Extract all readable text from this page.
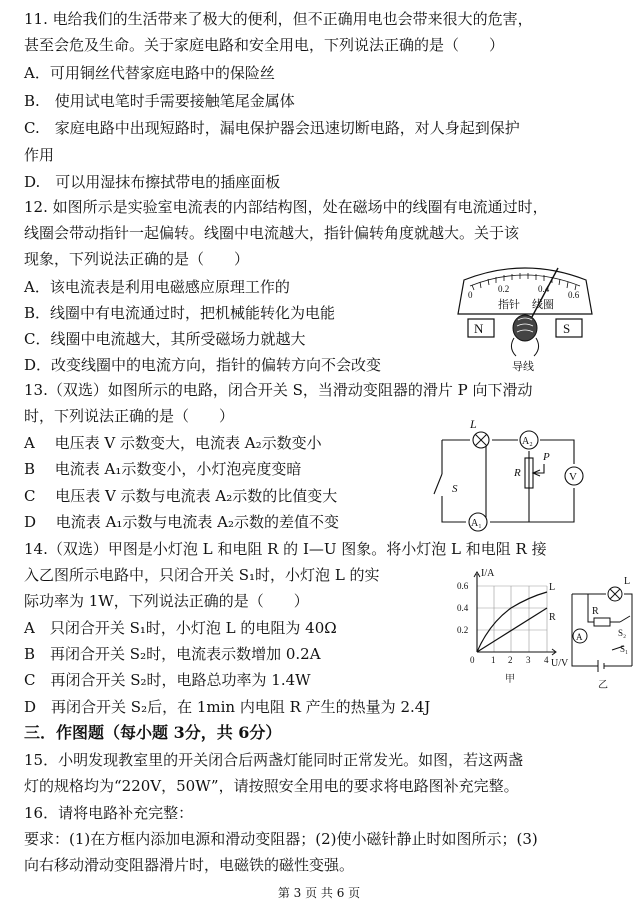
11. 电给我们的生活带来了极大的便利，但不正确用电也会带来很大的危害，
甚至会危及生命。关于家庭电路和安全用电，下列说法正确的是（　　）
A．可用铜丝代替家庭电路中的保险丝
B.　使用试电笔时手需要接触笔尾金属体
C.　家庭电路中出现短路时，漏电保护器会迅速切断电路，对人身起到保护
作用
D.　可以用湿抹布擦拭带电的插座面板
12. 如图所示是实验室电流表的内部结构图，处在磁场中的线圈有电流通过时，
线圈会带动指针一起偏转。线圈中电流越大，指针偏转角度就越大。关于该
现象，下列说法正确的是（　　）
A．该电流表是利用电磁感应原理工作的
B．线圈中有电流通过时，把机械能转化为电能
C．线圈中电流越大，其所受磁场力就越大
D．改变线圈中的电流方向，指针的偏转方向不会改变
0
0.2	0.4
0.6
指针 线圈
N	S
导线
13.（双选）如图所示的电路，闭合开关 S，当滑动变阻器的滑片 P 向下滑动
时，下列说法正确的是（　　）
A　 电压表 V 示数变大，电流表 A₂示数变小
B　 电流表 A₁示数变小，小灯泡亮度变暗
C　 电压表 V 示数与电流表 A₂示数的比值变大
D　 电流表 A₁示数与电流表 A₂示数的差值不变
L
A₂
R
P
V
S
A₁
14.（双选）甲图是小灯泡 L 和电阻 R 的 I—U 图象。将小灯泡 L 和电阻 R 接
入乙图所示电路中，只闭合开关 S₁时，小灯泡 L 的实
际功率为 1W，下列说法正确的是（　　）
A　只闭合开关 S₁时，小灯泡 L 的电阻为 40Ω
B　再闭合开关 S₂时，电流表示数增加 0.2A
C　再闭合开关 S₂时，电路总功率为 1.4W
D　再闭合开关 S₂后，在 1min 内电阻 R 产生的热量为 2.4J
I/A
U/V
0.6
0.4
0.2
0 1 2 3 4
L
R
甲
L
R
S₂
A
S₁
乙
三．作图题（每小题 3分，共 6分）
15．小明发现教室里的开关闭合后两盏灯能同时正常发光。如图，若这两盏
灯的规格均为“220V，50W”，请按照安全用电的要求将电路图补充完整。
16．请将电路补充完整：
要求：(1)在方框内添加电源和滑动变阻器；(2)使小磁针静止时如图所示；(3)
向右移动滑动变阻器滑片时，电磁铁的磁性变强。
第 3 页 共 6 页
